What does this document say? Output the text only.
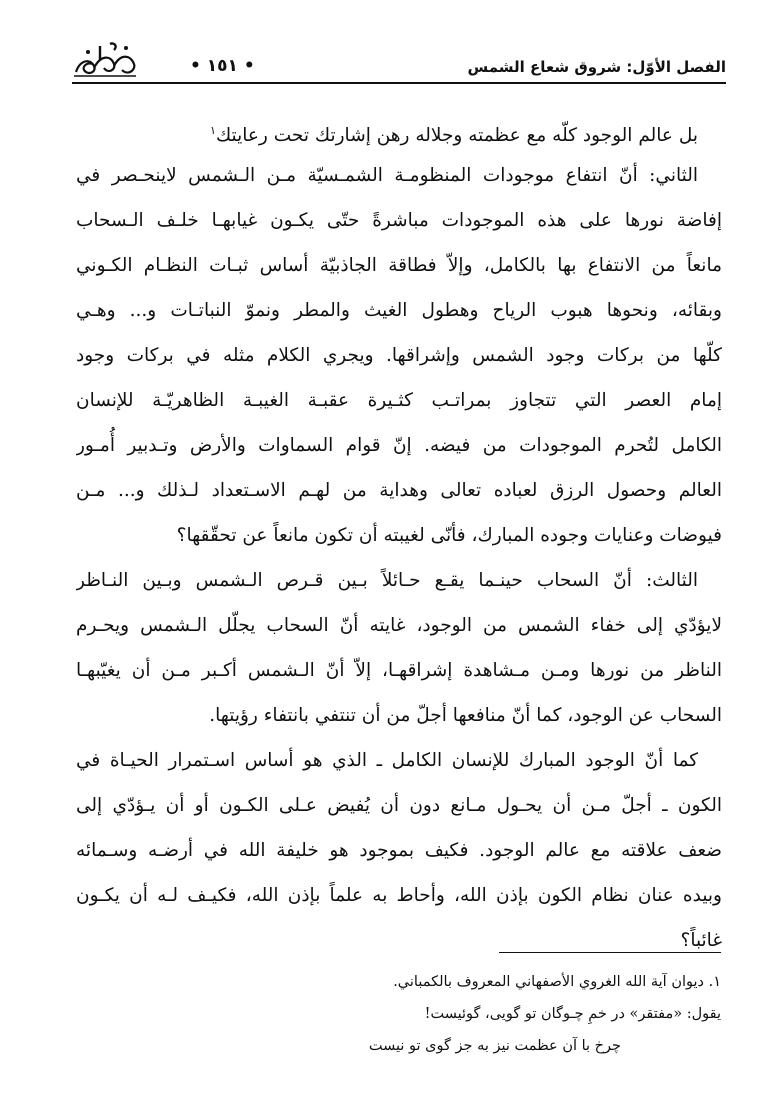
الفصل الأوّل: شروق شعاع الشمس
• ١٥١ •
بل عالم الوجود كلّه مع عظمته وجلاله رهن إشارتك تحت رعايتك$^١$
الثاني: أنّ انتفاع موجودات المنظومـة الشمـسيّة مـن الـشمس لاينحـصر في
إفاضة نورها على هذه الموجودات مباشرةً حتّى يكـون غيابهـا خلـف الـسحاب
مانعاً من الانتفاع بها بالكامل، وإلاّ فطاقة الجاذبيّة أساس ثبـات النظـام الكـوني
وبقائه، ونحوها هبوب الرياح وهطول الغيث والمطر ونموّ النباتـات و... وهـي
كلّها من بركات وجود الشمس وإشراقها. ويجري الكلام مثله في بركات وجود
إمام العصر التي تتجاوز بمراتـب كثـيرة عقبـة الغيبـة الظاهريّـة للإنسان
الكامل لتُحرم الموجودات من فيضه. إنّ قوام السماوات والأرض وتـدبير أُمـور
العالم وحصول الرزق لعباده تعالى وهداية من لهـم الاسـتعداد لـذلك و... مـن
فيوضات وعنايات وجوده المبارك، فأنّى لغيبته أن تكون مانعاً عن تحقّقها؟
الثالث: أنّ السحاب حينـما يقـع حـائلاً بـين قـرص الـشمس وبـين النـاظر
لايؤدّي إلى خفاء الشمس من الوجود، غايته أنّ السحاب يجلّل الـشمس ويحـرم
الناظر من نورها ومـن مـشاهدة إشراقهـا، إلاّ أنّ الـشمس أكـبر مـن أن يغيّبهـا
السحاب عن الوجود، كما أنّ منافعها أجلّ من أن تنتفي بانتفاء رؤيتها.
كما أنّ الوجود المبارك للإنسان الكامل ـ الذي هو أساس اسـتمرار الحيـاة في
الكون ـ أجلّ مـن أن يحـول مـانع دون أن يُفيض عـلى الكـون أو أن يـؤدّي إلى
ضعف علاقته مع عالم الوجود. فكيف بموجود هو خليفة الله في أرضـه وسـمائه
وبيده عنان نظام الكون بإذن الله، وأحاط به علماً بإذن الله، فكيـف لـه أن يكـون
غائباً؟
١. ديوان آية الله الغروي الأصفهاني المعروف بالكمباني.
يقول: «مفتقر» در خمِ چـوگان تو گويى، گوئيست!
چرخ با آن عظمت نيز به جز گوى تو نيست
